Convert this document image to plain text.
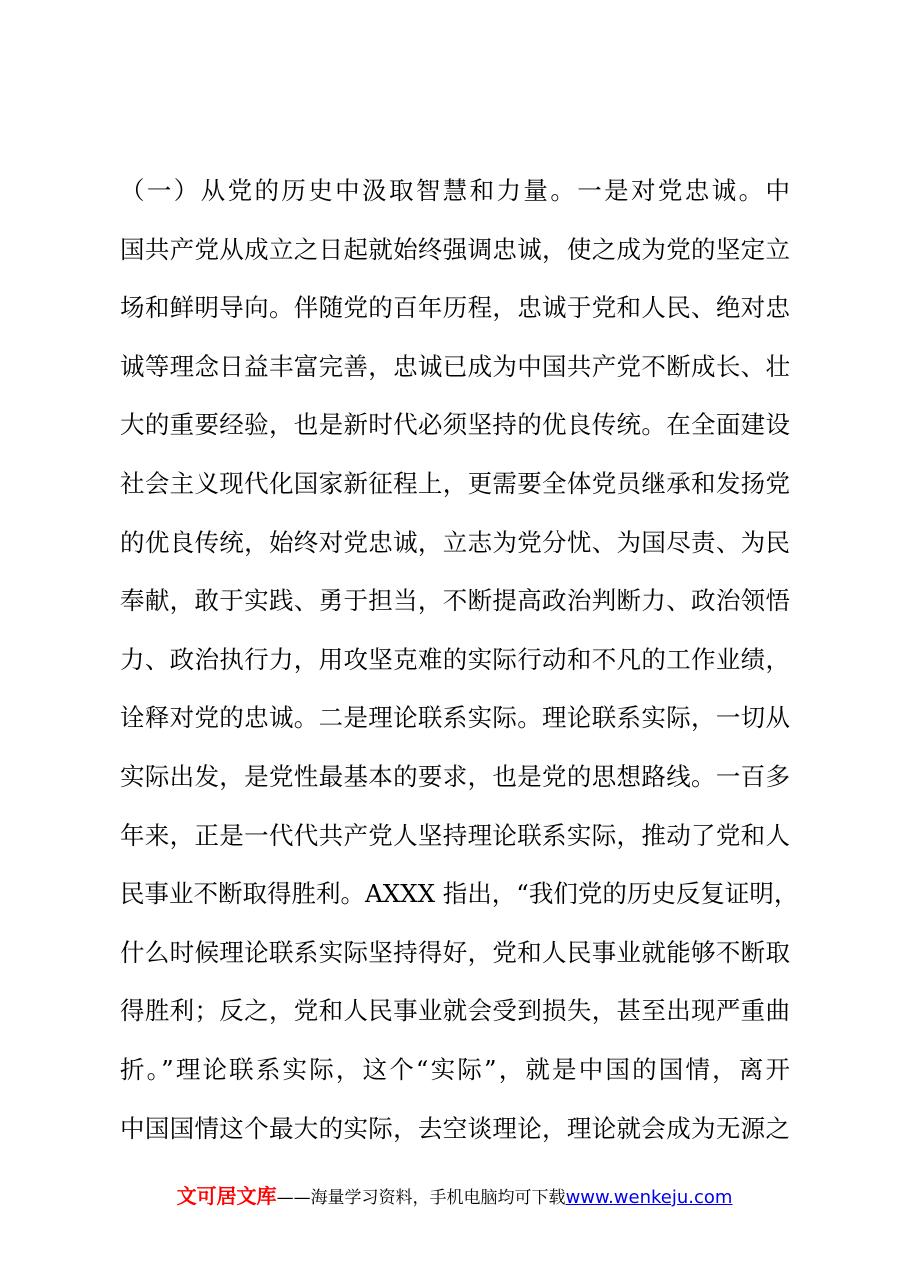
（一）从党的历史中汲取智慧和力量。一是对党忠诚。中
国共产党从成立之日起就始终强调忠诚，使之成为党的坚定立
场和鲜明导向。伴随党的百年历程，忠诚于党和人民、绝对忠
诚等理念日益丰富完善，忠诚已成为中国共产党不断成长、壮
大的重要经验，也是新时代必须坚持的优良传统。在全面建设
社会主义现代化国家新征程上，更需要全体党员继承和发扬党
的优良传统，始终对党忠诚，立志为党分忧、为国尽责、为民
奉献，敢于实践、勇于担当，不断提高政治判断力、政治领悟
力、政治执行力，用攻坚克难的实际行动和不凡的工作业绩，
诠释对党的忠诚。二是理论联系实际。理论联系实际，一切从
实际出发，是党性最基本的要求，也是党的思想路线。一百多
年来，正是一代代共产党人坚持理论联系实际，推动了党和人
民事业不断取得胜利。AXXX 指出，“我们党的历史反复证明，
什么时候理论联系实际坚持得好，党和人民事业就能够不断取
得胜利；反之，党和人民事业就会受到损失，甚至出现严重曲
折。”理论联系实际，这个“实际”，就是中国的国情，离开
中国国情这个最大的实际，去空谈理论，理论就会成为无源之
文可居文库——海量学习资料，手机电脑均可下载www.wenkeju.com
